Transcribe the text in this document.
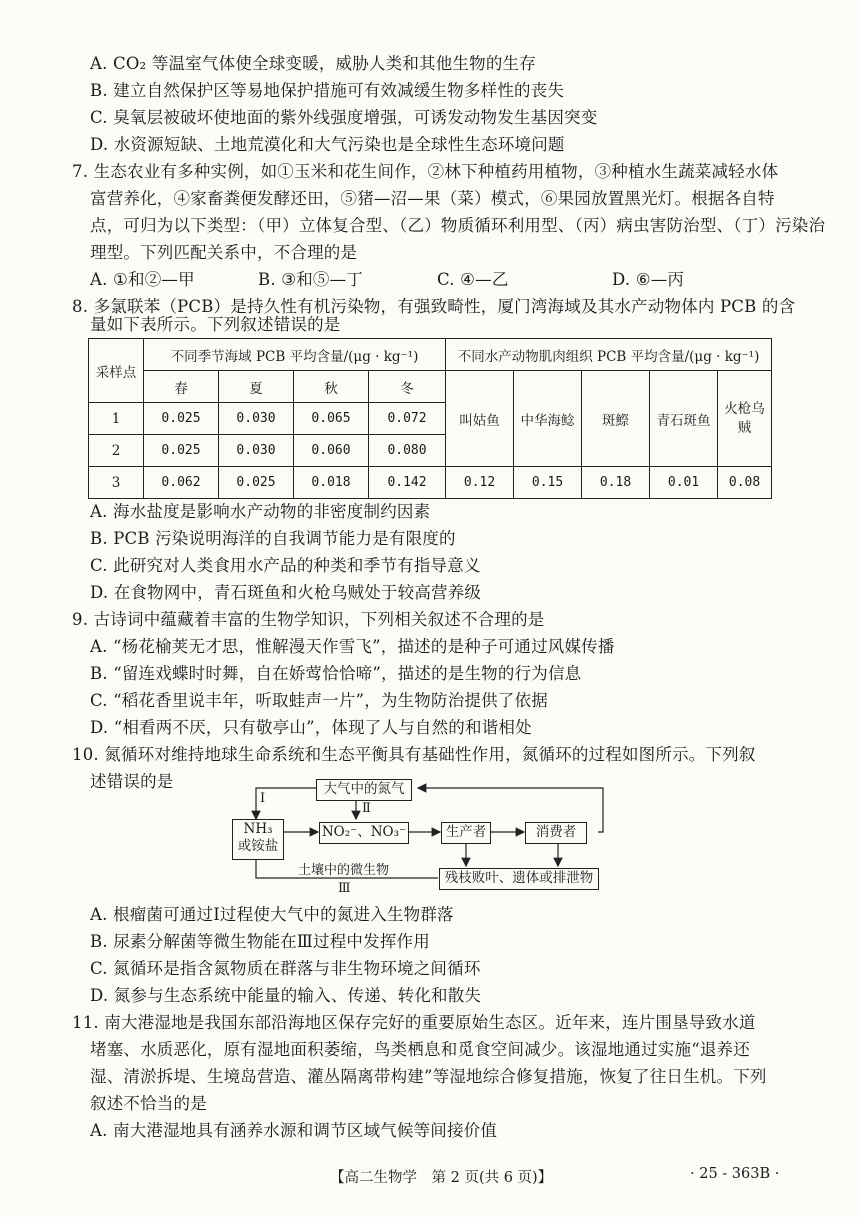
A. CO₂ 等温室气体使全球变暖，威胁人类和其他生物的生存
B. 建立自然保护区等易地保护措施可有效减缓生物多样性的丧失
C. 臭氧层被破坏使地面的紫外线强度增强，可诱发动物发生基因突变
D. 水资源短缺、土地荒漠化和大气污染也是全球性生态环境问题
7. 生态农业有多种实例，如①玉米和花生间作，②林下种植药用植物，③种植水生蔬菜减轻水体
富营养化，④家畜粪便发酵还田，⑤猪—沼—果（菜）模式，⑥果园放置黑光灯。根据各自特
点，可归为以下类型：（甲）立体复合型、（乙）物质循环利用型、（丙）病虫害防治型、（丁）污染治
理型。下列匹配关系中，不合理的是
A. ①和②—甲	B. ③和⑤—丁	C. ④—乙	D. ⑥—丙
8. 多氯联苯（PCB）是持久性有机污染物，有强致畸性，厦门湾海域及其水产动物体内 PCB 的含
量如下表所示。下列叙述错误的是
采样点	不同季节海域 PCB 平均含量/(μg · kg⁻¹)				不同水产动物肌肉组织 PCB 平均含量/(μg · kg⁻¹)				
	春	夏	秋	冬	叫姑鱼	中华海鲶	斑鰶	青石斑鱼	火枪乌贼
1	0.025	0.030	0.065	0.072					
2	0.025	0.030	0.060	0.080					
3	0.062	0.025	0.018	0.142	0.12	0.15	0.18	0.01	0.08
A. 海水盐度是影响水产动物的非密度制约因素
B. PCB 污染说明海洋的自我调节能力是有限度的
C. 此研究对人类食用水产品的种类和季节有指导意义
D. 在食物网中，青石斑鱼和火枪乌贼处于较高营养级
9. 古诗词中蕴藏着丰富的生物学知识，下列相关叙述不合理的是
A. “杨花榆荚无才思，惟解漫天作雪飞”，描述的是种子可通过风媒传播
B. “留连戏蝶时时舞，自在娇莺恰恰啼”，描述的是生物的行为信息
C. “稻花香里说丰年，听取蛙声一片”，为生物防治提供了依据
D. “相看两不厌，只有敬亭山”，体现了人与自然的和谐相处
10. 氮循环对维持地球生命系统和生态平衡具有基础性作用，氮循环的过程如图所示。下列叙
述错误的是	大气中的氮气
NH₃
或铵盐
NO₂⁻、NO₃⁻	生产者	消费者
残枝败叶、遗体或排泄物
Ⅰ
Ⅱ
土壤中的微生物
Ⅲ
A. 根瘤菌可通过Ⅰ过程使大气中的氮进入生物群落
B. 尿素分解菌等微生物能在Ⅲ过程中发挥作用
C. 氮循环是指含氮物质在群落与非生物环境之间循环
D. 氮参与生态系统中能量的输入、传递、转化和散失
11. 南大港湿地是我国东部沿海地区保存完好的重要原始生态区。近年来，连片围垦导致水道
堵塞、水质恶化，原有湿地面积萎缩，鸟类栖息和觅食空间减少。该湿地通过实施“退养还
湿、清淤拆堤、生境岛营造、灌丛隔离带构建”等湿地综合修复措施，恢复了往日生机。下列
叙述不恰当的是
A. 南大港湿地具有涵养水源和调节区域气候等间接价值
【高二生物学　第 2 页(共 6 页)】	· 25 - 363B ·
